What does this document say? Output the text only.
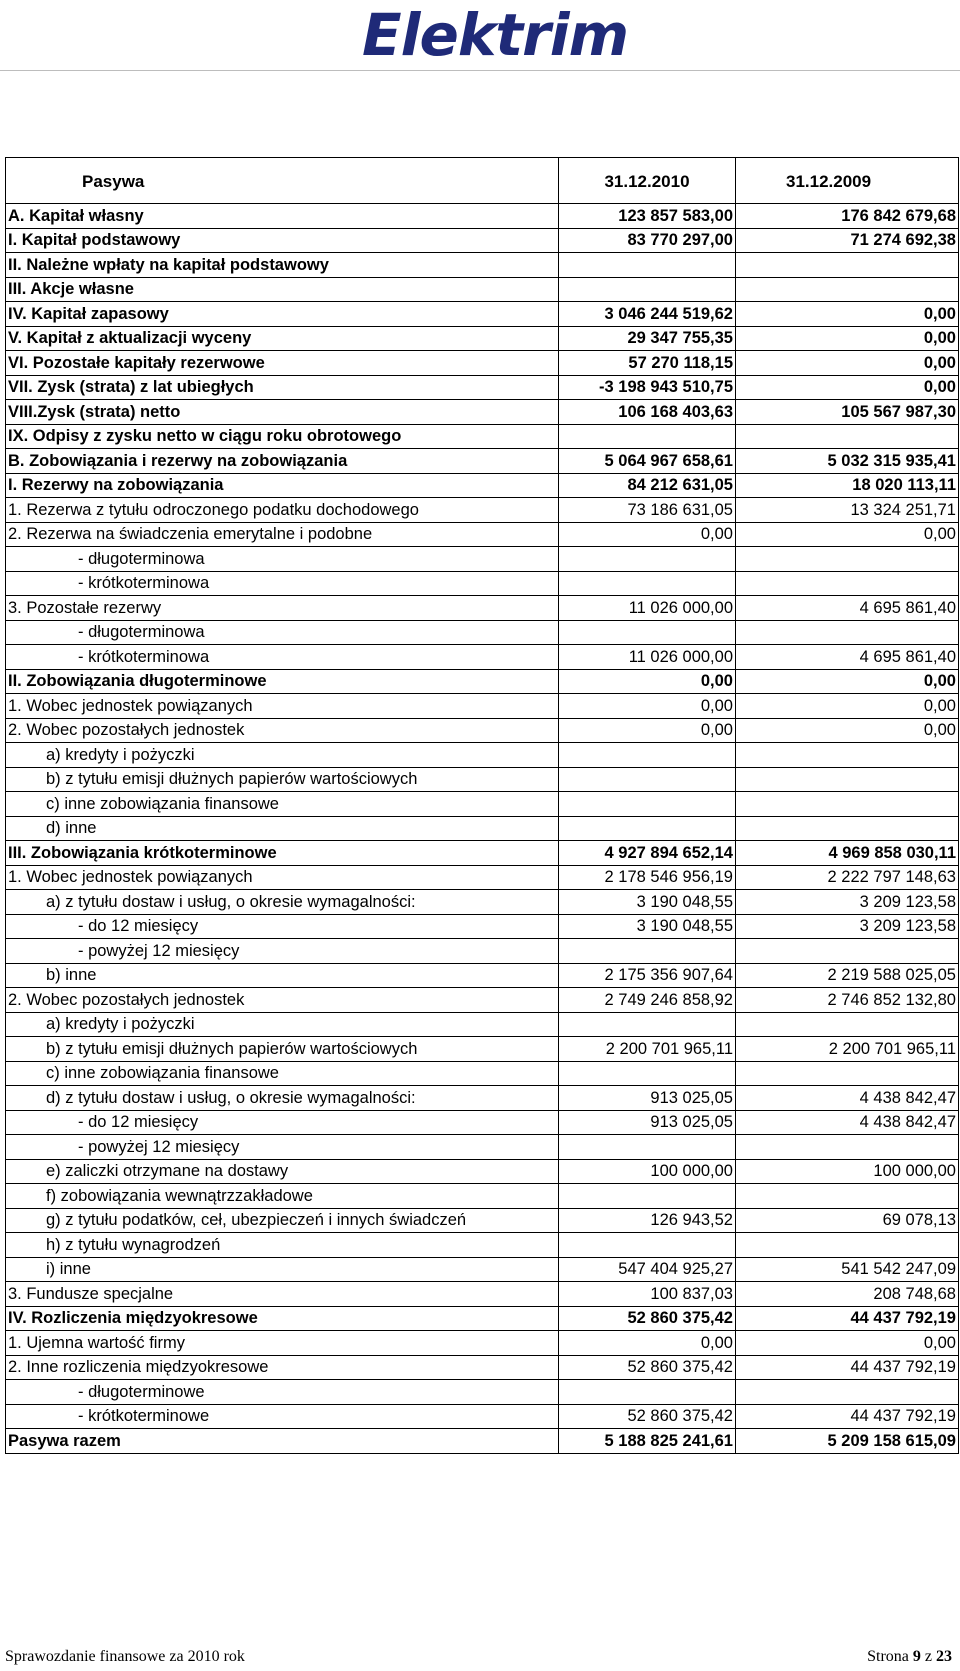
Elektrim
Pasywa	31.12.2010	31.12.2009
A. Kapitał własny	123 857 583,00	176 842 679,68
I. Kapitał podstawowy	83 770 297,00	71 274 692,38
II. Należne wpłaty na kapitał podstawowy		
III. Akcje własne		
IV. Kapitał zapasowy	3 046 244 519,62	0,00
V. Kapitał z aktualizacji wyceny	29 347 755,35	0,00
VI. Pozostałe kapitały rezerwowe	57 270 118,15	0,00
VII. Zysk (strata) z lat ubiegłych	-3 198 943 510,75	0,00
VIII.Zysk (strata) netto	106 168 403,63	105 567 987,30
IX. Odpisy z zysku netto w ciągu roku obrotowego		
B. Zobowiązania i rezerwy na zobowiązania	5 064 967 658,61	5 032 315 935,41
I. Rezerwy na zobowiązania	84 212 631,05	18 020 113,11
1. Rezerwa z tytułu odroczonego podatku dochodowego	73 186 631,05	13 324 251,71
2. Rezerwa na świadczenia emerytalne i podobne	0,00	0,00
- długoterminowa		
- krótkoterminowa		
3. Pozostałe rezerwy	11 026 000,00	4 695 861,40
- długoterminowa		
- krótkoterminowa	11 026 000,00	4 695 861,40
II. Zobowiązania długoterminowe	0,00	0,00
1. Wobec jednostek powiązanych	0,00	0,00
2. Wobec pozostałych jednostek	0,00	0,00
a) kredyty i pożyczki		
b) z tytułu emisji dłużnych papierów wartościowych		
c) inne zobowiązania finansowe		
d) inne		
III. Zobowiązania krótkoterminowe	4 927 894 652,14	4 969 858 030,11
1. Wobec jednostek powiązanych	2 178 546 956,19	2 222 797 148,63
a) z tytułu dostaw i usług, o okresie wymagalności:	3 190 048,55	3 209 123,58
- do 12 miesięcy	3 190 048,55	3 209 123,58
- powyżej 12 miesięcy		
b) inne	2 175 356 907,64	2 219 588 025,05
2. Wobec pozostałych jednostek	2 749 246 858,92	2 746 852 132,80
a) kredyty i pożyczki		
b) z tytułu emisji dłużnych papierów wartościowych	2 200 701 965,11	2 200 701 965,11
c) inne zobowiązania finansowe		
d) z tytułu dostaw i usług, o okresie wymagalności:	913 025,05	4 438 842,47
- do 12 miesięcy	913 025,05	4 438 842,47
- powyżej 12 miesięcy		
e) zaliczki otrzymane na dostawy	100 000,00	100 000,00
f) zobowiązania wewnątrzzakładowe		
g) z tytułu podatków, ceł, ubezpieczeń i innych świadczeń	126 943,52	69 078,13
h) z tytułu wynagrodzeń		
i) inne	547 404 925,27	541 542 247,09
3. Fundusze specjalne	100 837,03	208 748,68
IV. Rozliczenia międzyokresowe	52 860 375,42	44 437 792,19
1. Ujemna wartość firmy	0,00	0,00
2. Inne rozliczenia międzyokresowe	52 860 375,42	44 437 792,19
- długoterminowe		
- krótkoterminowe	52 860 375,42	44 437 792,19
Pasywa razem	5 188 825 241,61	5 209 158 615,09
Sprawozdanie finansowe za 2010 rok	Strona 9 z 23
